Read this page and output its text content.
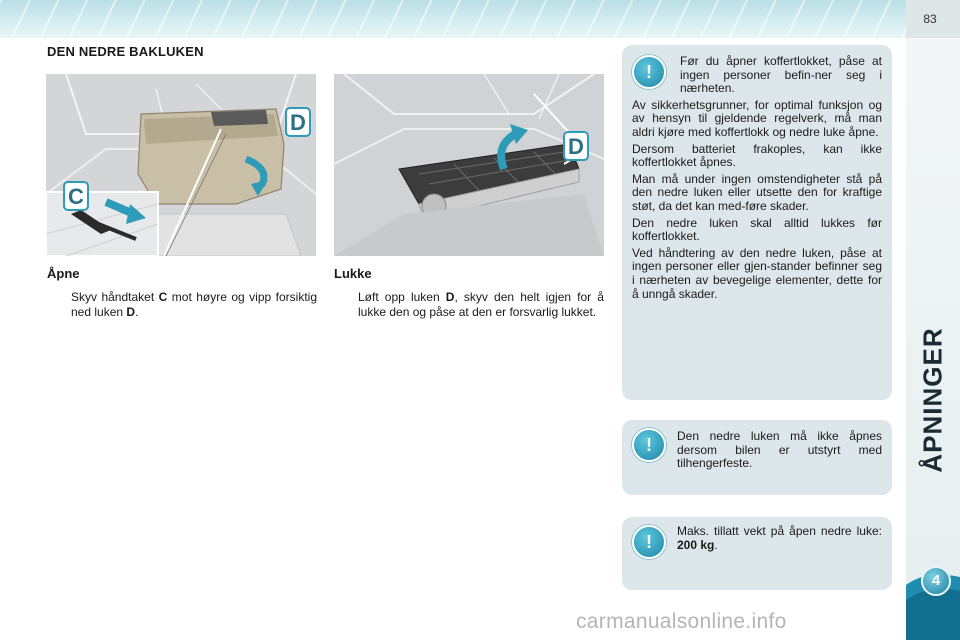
83
ÅPNINGER
4
DEN NEDRE BAKLUKEN
D
C
D
Åpne
Skyv håndtaket C mot høyre og vipp forsiktig ned luken D.
Lukke
Løft opp luken D, skyv den helt igjen for å lukke den og påse at den er forsvarlig lukket.
!

Før du åpner koffertlokket, påse at ingen personer befin-ner seg i nærheten.

Av sikkerhetsgrunner, for optimal funksjon og av hensyn til gjeldende regelverk, må man aldri kjøre med koffertlokk og nedre luke åpne.

Dersom batteriet frakoples, kan ikke koffertlokket åpnes.

Man må under ingen omstendigheter stå på den nedre luken eller utsette den for kraftige støt, da det kan med-føre skader.

Den nedre luken skal alltid lukkes før koffertlokket.

Ved håndtering av den nedre luken, påse at ingen personer eller gjen-stander befinner seg i nærheten av bevegelige elementer, dette for å unngå skader.

!	Den nedre luken må ikke åpnes dersom bilen er utstyrt med tilhengerfeste.

!

Maks. tillatt vekt på åpen nedre luke: 200 kg.

carmanualsonline.info
